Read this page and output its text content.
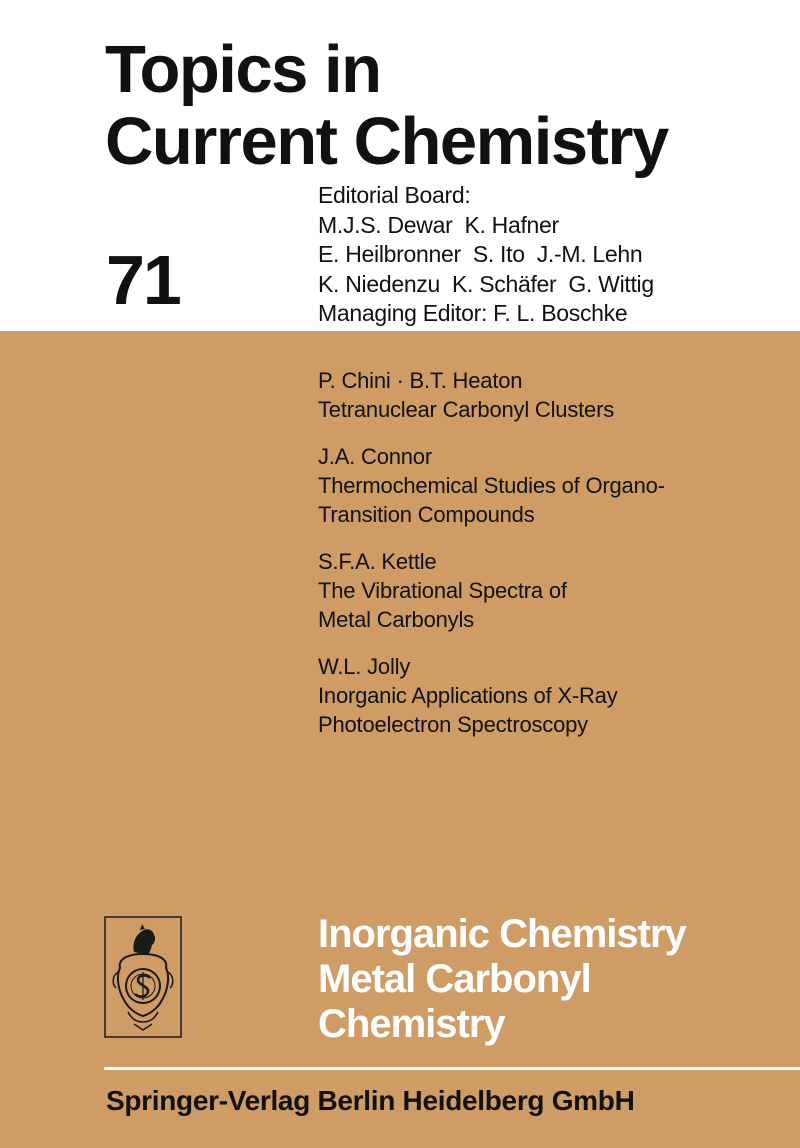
Topics in
Current Chemistry
71
Editorial Board:
M.J.S. Dewar K. Hafner
E. Heilbronner S. Ito J.-M. Lehn
K. Niedenzu K. Schäfer G. Wittig
Managing Editor: F. L. Boschke
P. Chini · B.T. Heaton
Tetranuclear Carbonyl Clusters
J.A. Connor
Thermochemical Studies of Organo-
Transition Compounds
S.F.A. Kettle
The Vibrational Spectra of
Metal Carbonyls
W.L. Jolly
Inorganic Applications of X-Ray
Photoelectron Spectroscopy
Inorganic Chemistry
Metal Carbonyl
Chemistry
Springer-Verlag Berlin Heidelberg GmbH
